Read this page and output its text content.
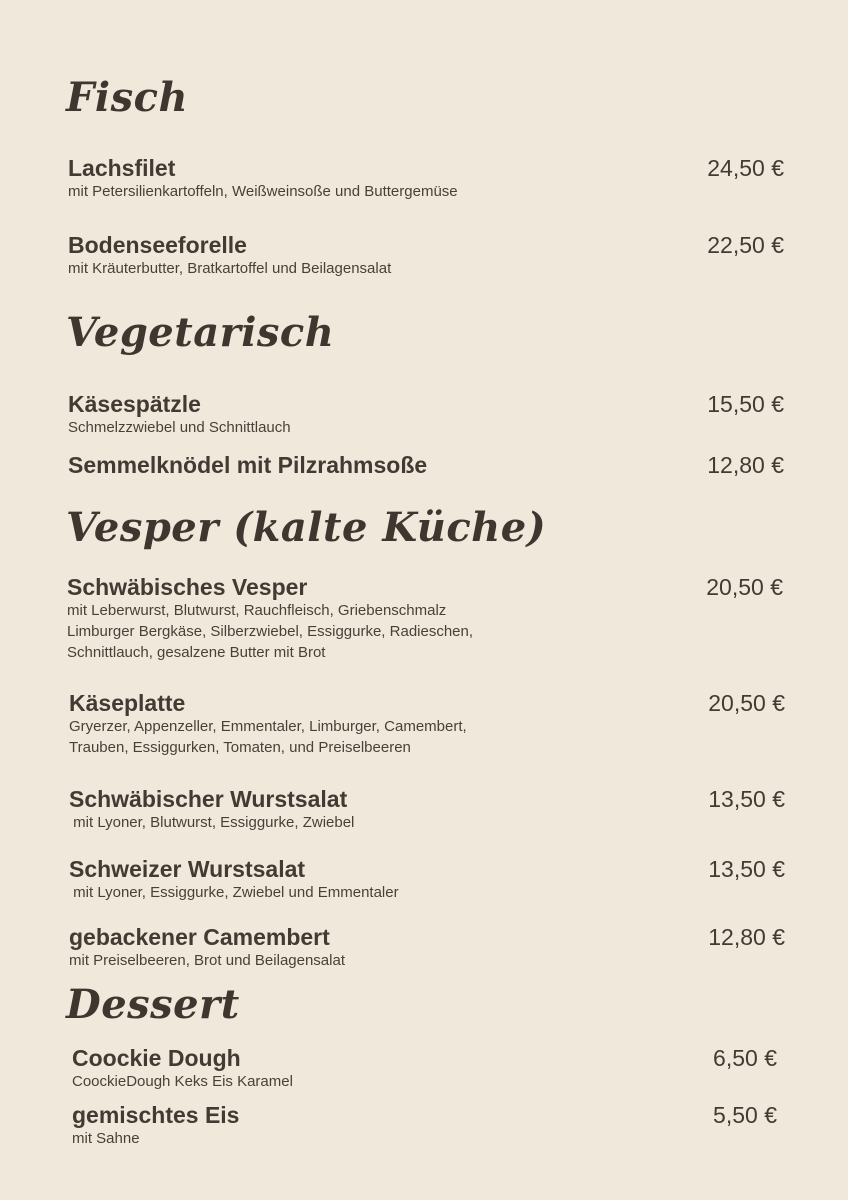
Fisch
Vegetarisch
Vesper (kalte Küche)
Dessert
Lachsfilet
mit Petersilienkartoffeln, Weißweinsoße und Buttergemüse
24,50 €
Bodenseeforelle
mit Kräuterbutter, Bratkartoffel und Beilagensalat
22,50 €
Käsespätzle
Schmelzzwiebel und Schnittlauch
15,50 €
Semmelknödel mit Pilzrahmsoße	12,80 €
Schwäbisches Vesper
mit Leberwurst, Blutwurst, Rauchfleisch, Griebenschmalz
Limburger Bergkäse, Silberzwiebel, Essiggurke, Radieschen,
Schnittlauch, gesalzene Butter mit Brot
20,50 €
Käseplatte
Gryerzer, Appenzeller, Emmentaler, Limburger, Camembert,
Trauben, Essiggurken, Tomaten, und Preiselbeeren
20,50 €
Schwäbischer Wurstsalat
mit Lyoner, Blutwurst, Essiggurke, Zwiebel
13,50 €
Schweizer Wurstsalat
mit Lyoner, Essiggurke, Zwiebel und Emmentaler
13,50 €
gebackener Camembert
mit Preiselbeeren, Brot und Beilagensalat
12,80 €
Coockie Dough
CoockieDough Keks Eis Karamel
6,50 €
gemischtes Eis
mit Sahne
5,50 €
